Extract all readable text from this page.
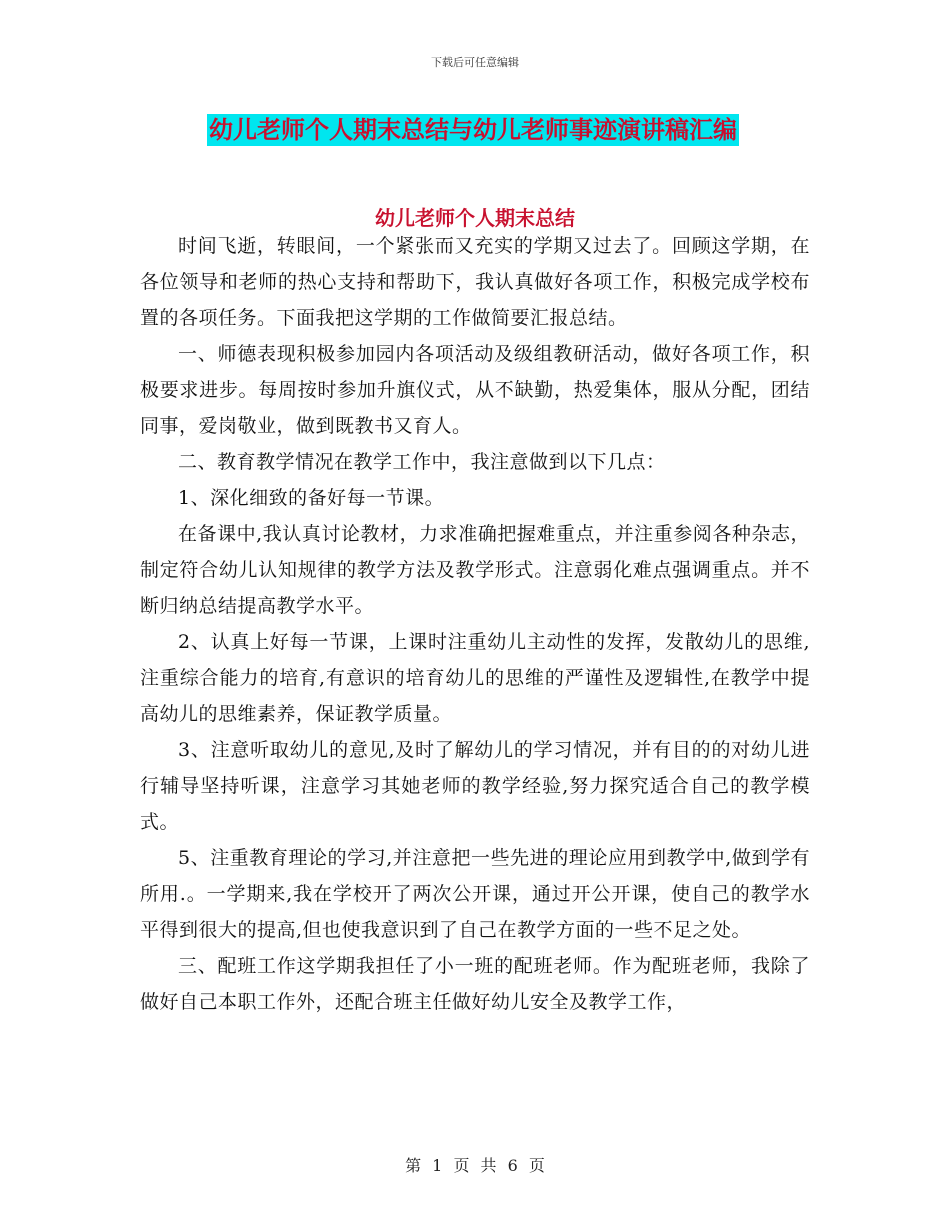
下载后可任意编辑
幼儿老师个人期末总结与幼儿老师事迹演讲稿汇编
幼儿老师个人期末总结

时间飞逝，转眼间，一个紧张而又充实的学期又过去了。回顾这学期，在各位领导和老师的热心支持和帮助下，我认真做好各项工作，积极完成学校布置的各项任务。下面我把这学期的工作做简要汇报总结。

一、师德表现积极参加园内各项活动及级组教研活动，做好各项工作，积极要求进步。每周按时参加升旗仪式，从不缺勤，热爱集体，服从分配，团结同事，爱岗敬业，做到既教书又育人。

二、教育教学情况在教学工作中，我注意做到以下几点：

1、深化细致的备好每一节课。

在备课中,我认真讨论教材，力求准确把握难重点，并注重参阅各种杂志，制定符合幼儿认知规律的教学方法及教学形式。注意弱化难点强调重点。并不断归纳总结提高教学水平。

2、认真上好每一节课，上课时注重幼儿主动性的发挥，发散幼儿的思维,注重综合能力的培育,有意识的培育幼儿的思维的严谨性及逻辑性,在教学中提高幼儿的思维素养，保证教学质量。

3、注意听取幼儿的意见,及时了解幼儿的学习情况，并有目的的对幼儿进行辅导坚持听课，注意学习其她老师的教学经验,努力探究适合自己的教学模式。

5、注重教育理论的学习,并注意把一些先进的理论应用到教学中,做到学有所用.。一学期来,我在学校开了两次公开课，通过开公开课，使自己的教学水平得到很大的提高,但也使我意识到了自己在教学方面的一些不足之处。

三、配班工作这学期我担任了小一班的配班老师。作为配班老师，我除了做好自己本职工作外，还配合班主任做好幼儿安全及教学工作，

第 1 页 共 6 页
